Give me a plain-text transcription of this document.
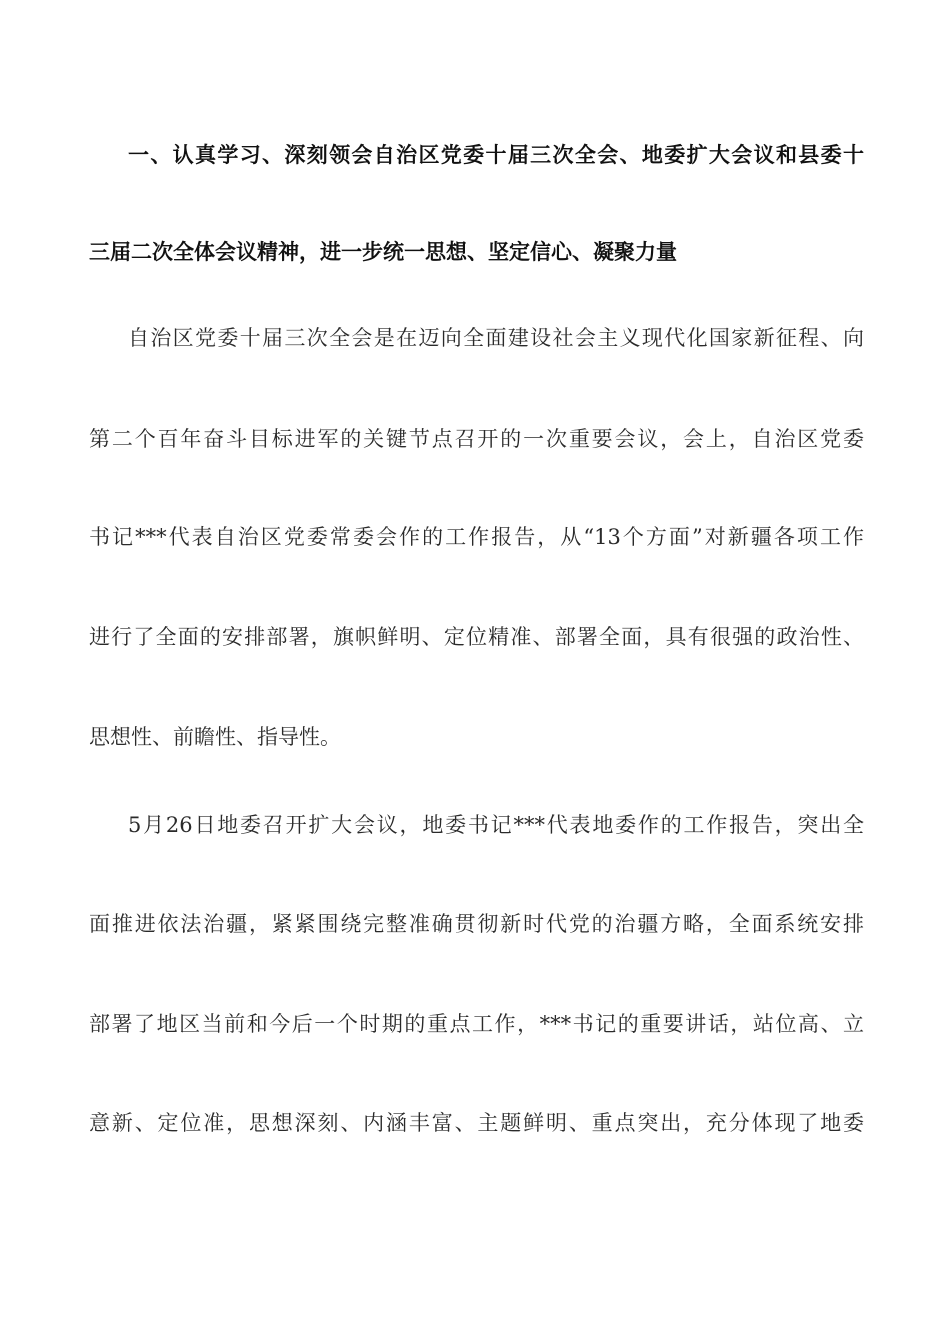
一、认真学习、深刻领会自治区党委十届三次全会、地委扩大会议和县委十
三届二次全体会议精神，进一步统一思想、坚定信心、凝聚力量
自治区党委十届三次全会是在迈向全面建设社会主义现代化国家新征程、向
第二个百年奋斗目标进军的关键节点召开的一次重要会议，会上，自治区党委
书记***代表自治区党委常委会作的工作报告，从“13个方面”对新疆各项工作
进行了全面的安排部署，旗帜鲜明、定位精准、部署全面，具有很强的政治性、
思想性、前瞻性、指导性。
5月26日地委召开扩大会议，地委书记***代表地委作的工作报告，突出全
面推进依法治疆，紧紧围绕完整准确贯彻新时代党的治疆方略，全面系统安排
部署了地区当前和今后一个时期的重点工作，***书记的重要讲话，站位高、立
意新、定位准，思想深刻、内涵丰富、主题鲜明、重点突出，充分体现了地委
